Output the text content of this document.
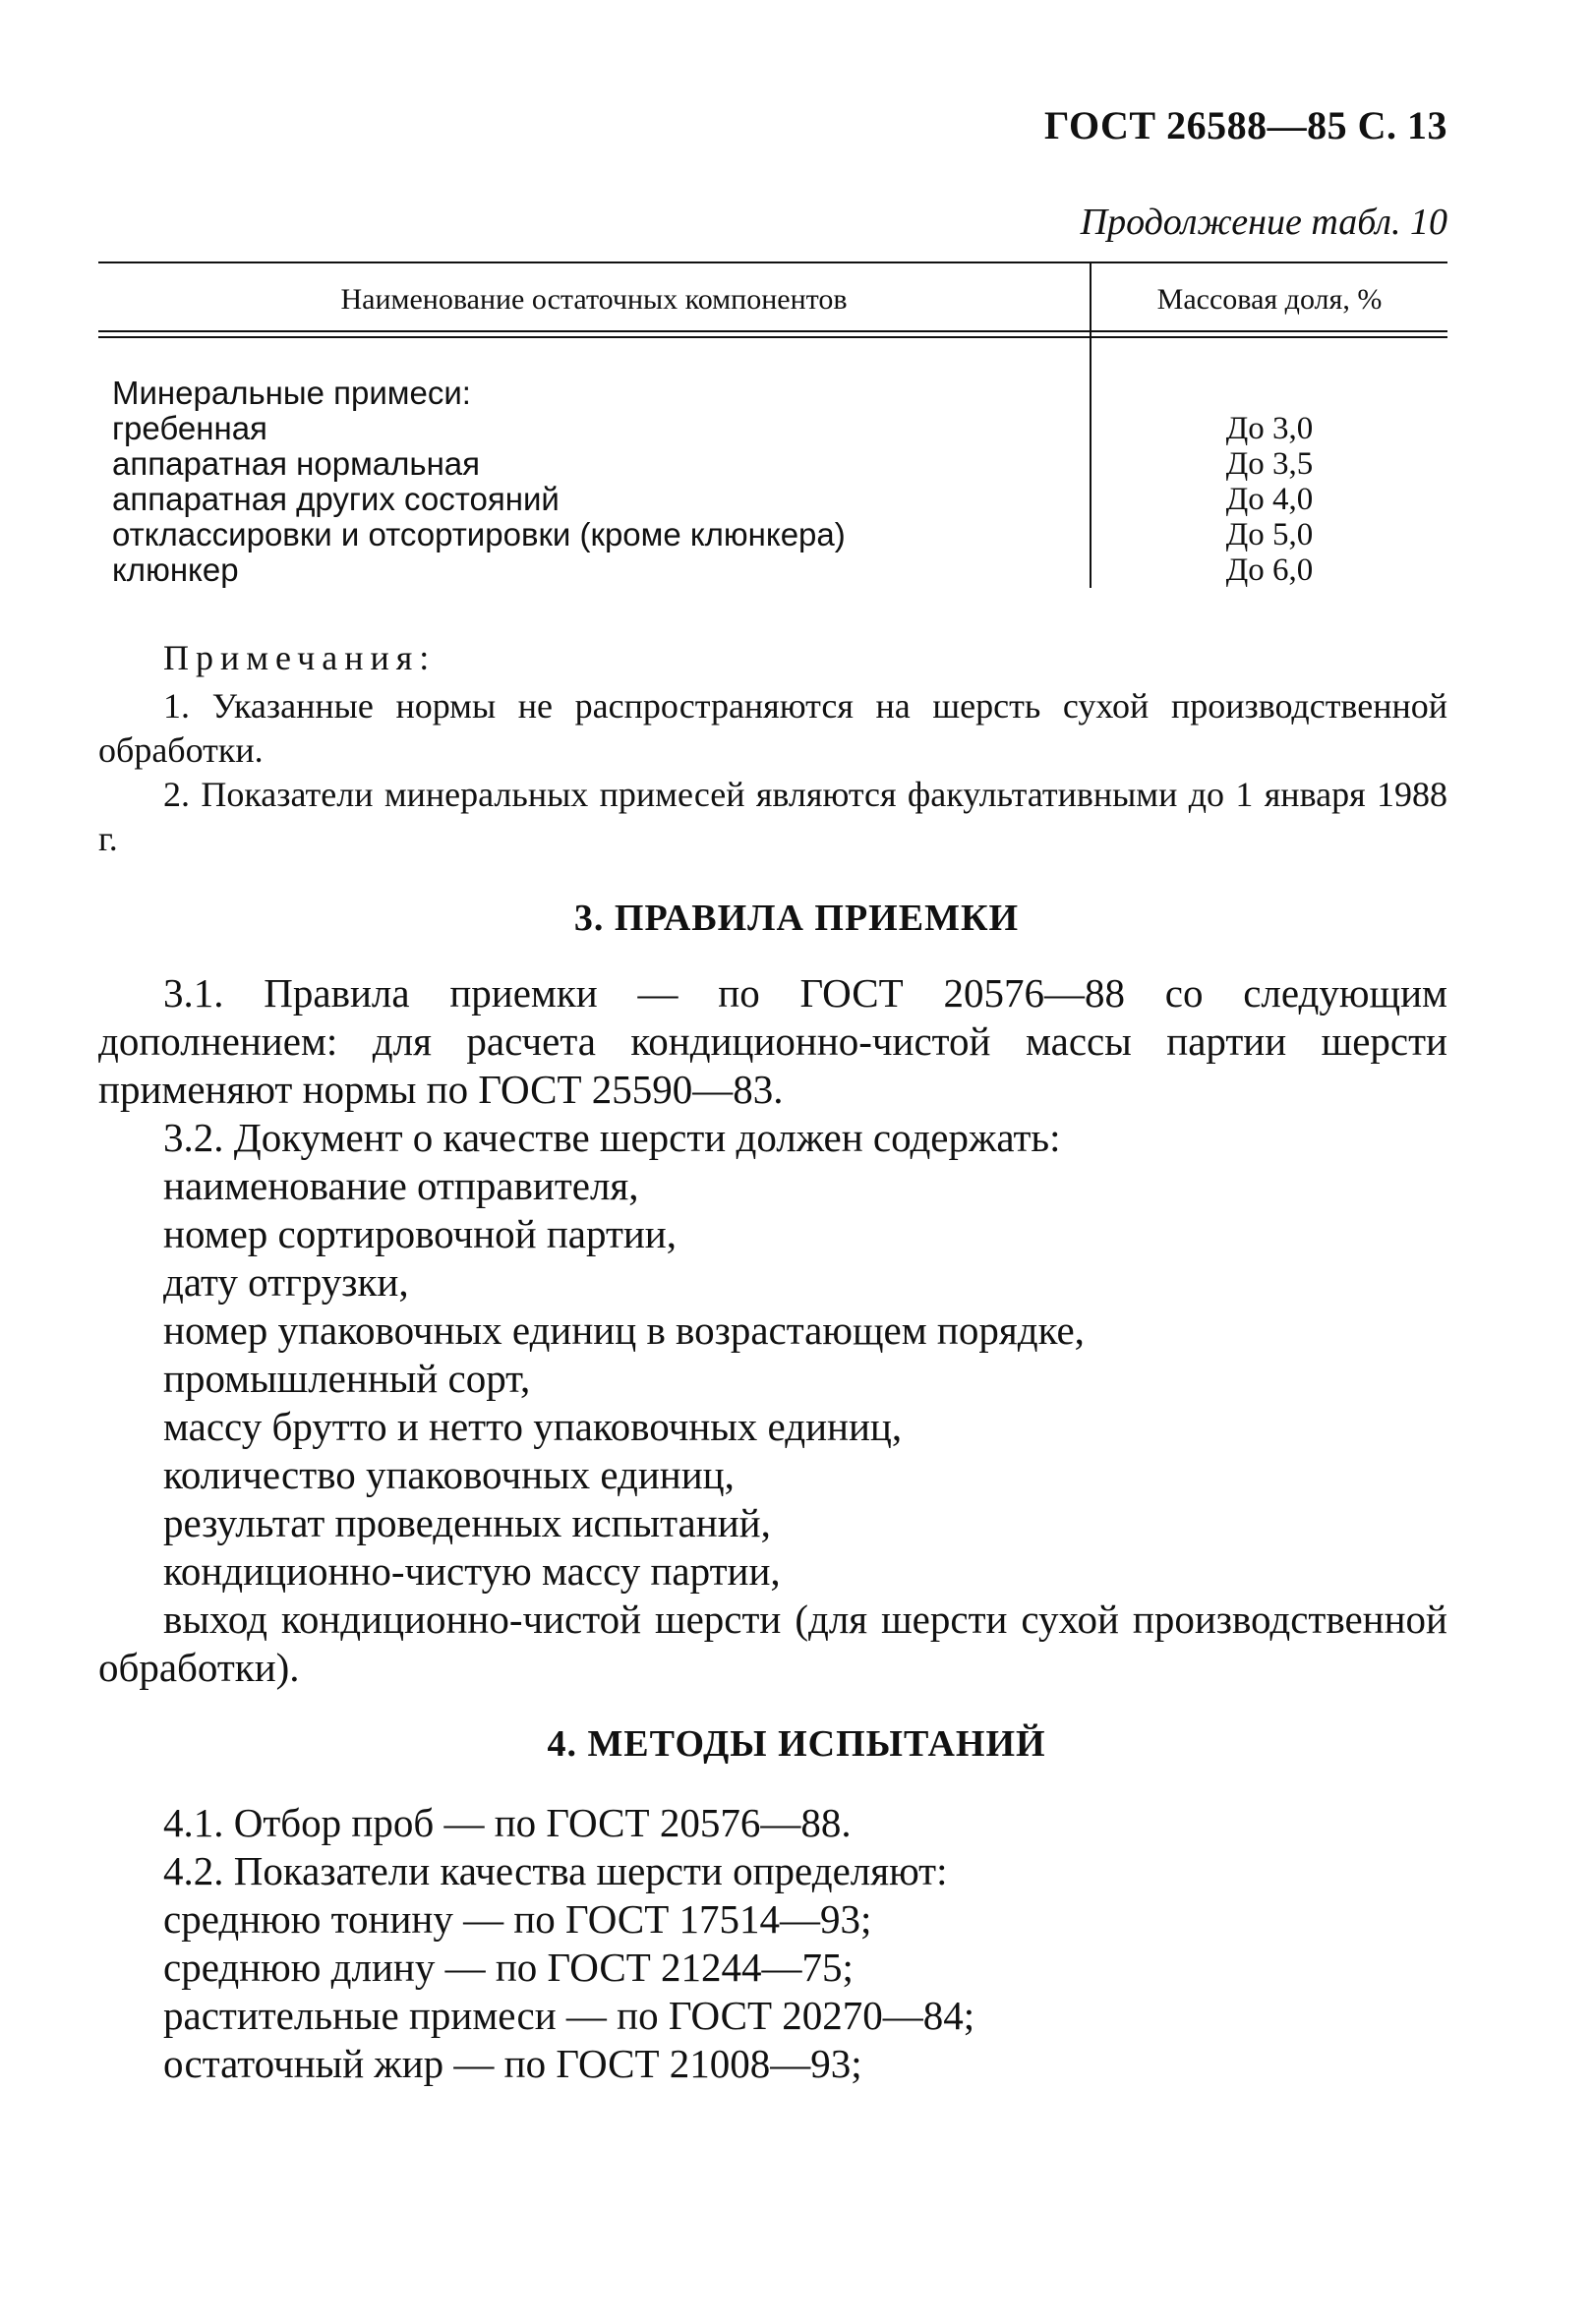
ГОСТ 26588—85 С. 13
Продолжение табл. 10
Наименование остаточных компонентов	Массовая доля, %
Минеральные примеси:
гребенная	До 3,0
аппаратная нормальная	До 3,5
аппаратная других состояний	До 4,0
отклассировки и отсортировки (кроме клюнкера)	До 5,0
клюнкер	До 6,0
Примечания:
1. Указанные нормы не распространяются на шерсть сухой производственной обработки.
2. Показатели минеральных примесей являются факультативными до 1 января 1988 г.
3. ПРАВИЛА ПРИЕМКИ
3.1. Правила приемки — по ГОСТ 20576—88 со следующим дополнением: для расчета кондиционно-чистой массы партии шерсти применяют нормы по ГОСТ 25590—83.
3.2. Документ о качестве шерсти должен содержать:
наименование отправителя,
номер сортировочной партии,
дату отгрузки,
номер упаковочных единиц в возрастающем порядке,
промышленный сорт,
массу брутто и нетто упаковочных единиц,
количество упаковочных единиц,
результат проведенных испытаний,
кондиционно-чистую массу партии,
выход кондиционно-чистой шерсти (для шерсти сухой производственной обработки).
4. МЕТОДЫ ИСПЫТАНИЙ
4.1. Отбор проб — по ГОСТ 20576—88.
4.2. Показатели качества шерсти определяют:
среднюю тонину — по ГОСТ 17514—93;
среднюю длину — по ГОСТ 21244—75;
растительные примеси — по ГОСТ 20270—84;
остаточный жир — по ГОСТ 21008—93;
